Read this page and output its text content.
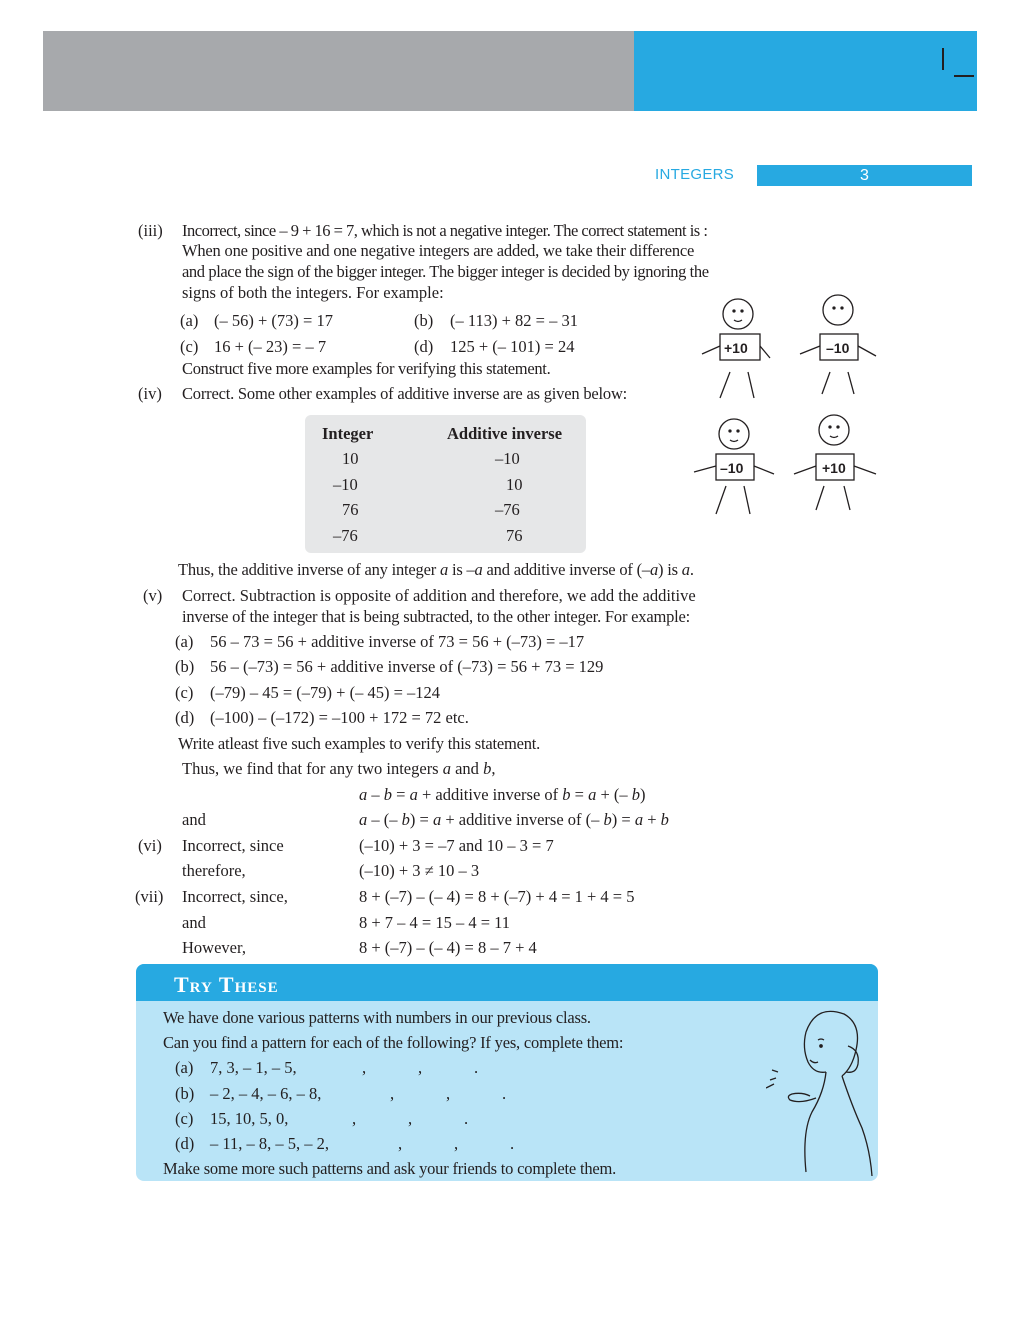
INTEGERS	3
(iii) Incorrect, since – 9 + 16 = 7, which is not a negative integer. The correct statement is :
When one positive and one negative integers are added, we take their difference
and place the sign of the bigger integer. The bigger integer is decided by ignoring the
signs of both the integers. For example:
(a) (– 56) + (73) = 17	(b) (– 113) + 82 = – 31
(c) 16 + (– 23) = – 7	(d) 125 + (– 101) = 24
Construct five more examples for verifying this statement.
(iv) Correct. Some other examples of additive inverse are as given below:
Integer	Additive inverse
10	–10
–10	10
76	–76
–76	76
Thus, the additive inverse of any integer a is –a and additive inverse of (–a) is a.
+10	–10
–10	+10
(v) Correct. Subtraction is opposite of addition and therefore, we add the additive
inverse of the integer that is being subtracted, to the other integer. For example:
(a) 56 – 73 = 56 + additive inverse of 73 = 56 + (–73) = –17
(b) 56 – (–73) = 56 + additive inverse of (–73) = 56 + 73 = 129
(c) (–79) – 45 = (–79) + (– 45) = –124
(d) (–100) – (–172) = –100 + 172 = 72 etc.
Write atleast five such examples to verify this statement.
Thus, we find that for any two integers a and b,
a – b = a + additive inverse of b = a + (– b)
and	a – (– b) = a + additive inverse of (– b) = a + b
(vi) Incorrect, since	(–10) + 3 = –7 and 10 – 3 = 7
therefore,	(–10) + 3 ≠ 10 – 3
(vii) Incorrect, since,	8 + (–7) – (– 4) = 8 + (–7) + 4 = 1 + 4 = 5
and	8 + 7 – 4 = 15 – 4 = 11
However,	8 + (–7) – (– 4) = 8 – 7 + 4
Try These
We have done various patterns with numbers in our previous class.
Can you find a pattern for each of the following? If yes, complete them:
(a) 7, 3, – 1, – 5,	,	,	.
(b) – 2, – 4, – 6, – 8,	,	,	.
(c) 15, 10, 5, 0,	,	,	.
(d) – 11, – 8, – 5, – 2,	,	,	.
Make some more such patterns and ask your friends to complete them.
